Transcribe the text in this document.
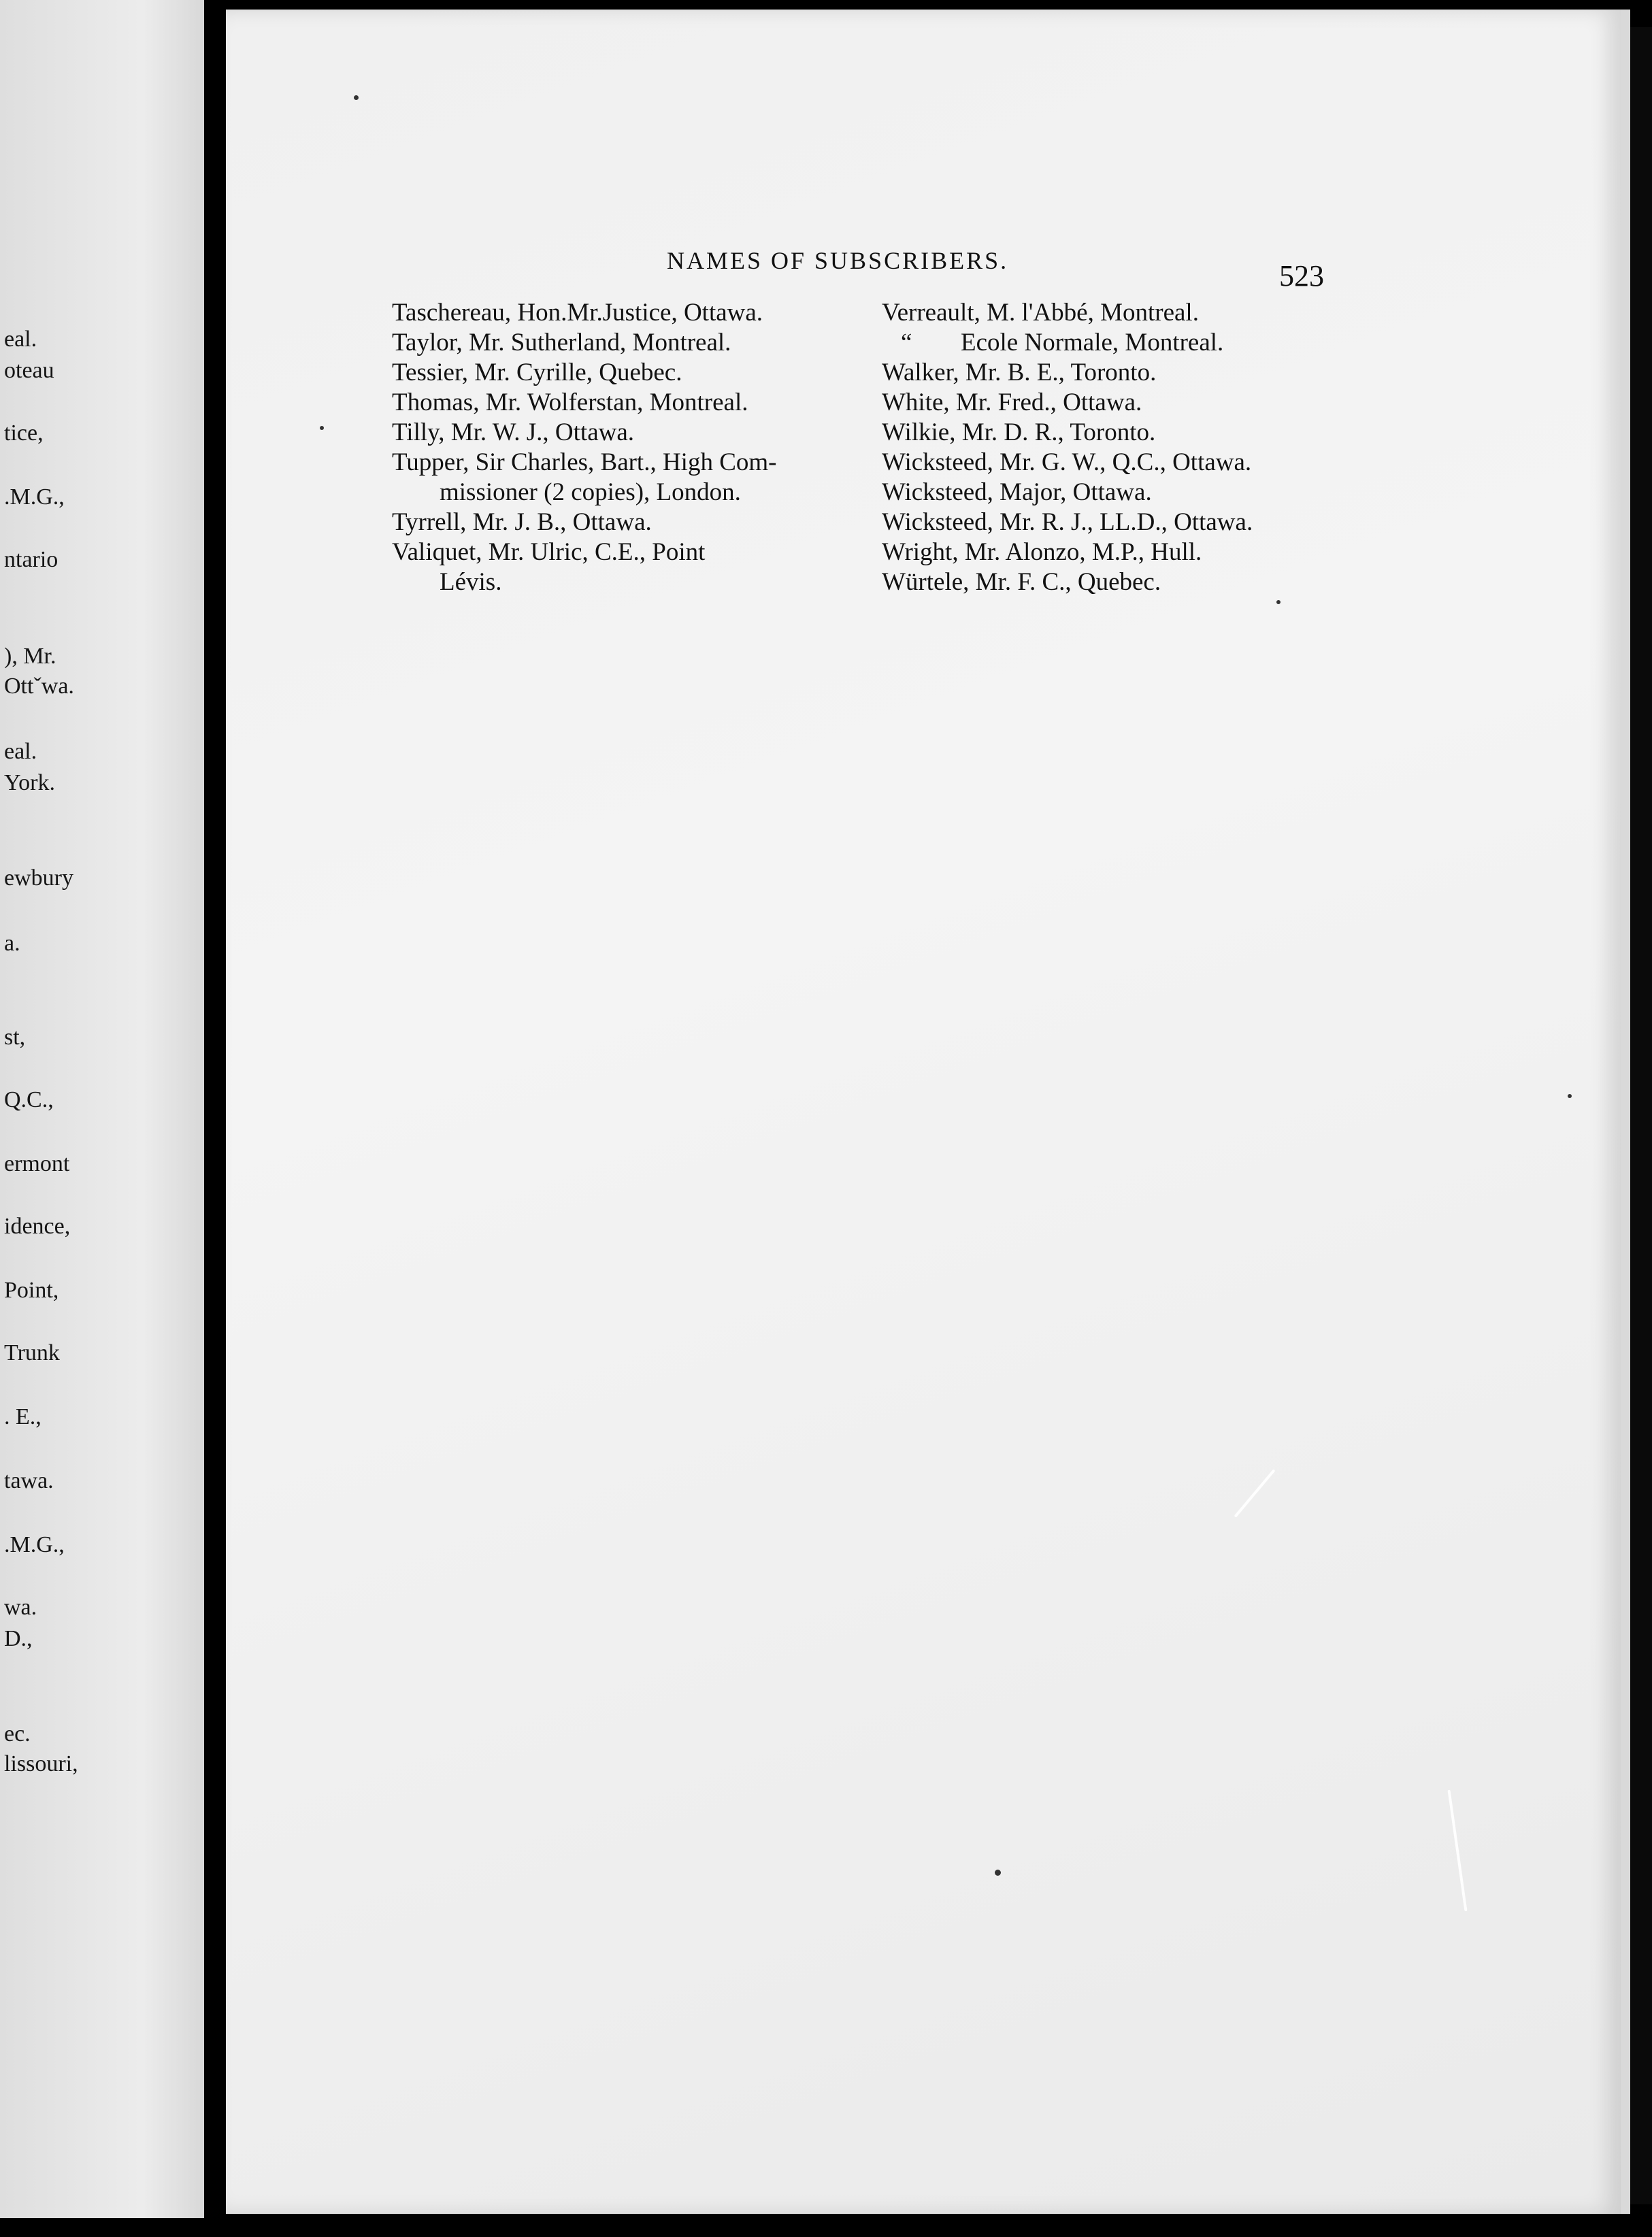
eal.
oteau
tice,
.M.G.,
ntario
), Mr.
Ottˇwa.
eal.
York.
ewbury
a.
st,
Q.C.,
ermont
idence,
Point,
Trunk
. E.,
tawa.
.M.G.,
wa.
D.,
ec.
lissouri,
NAMES OF SUBSCRIBERS.	523
Taschereau, Hon.Mr.Justice, Ottawa.
Taylor, Mr. Sutherland, Montreal.
Tessier, Mr. Cyrille, Quebec.
Thomas, Mr. Wolferstan, Montreal.
Tilly, Mr. W. J., Ottawa.
Tupper, Sir Charles, Bart., High Com-
missioner (2 copies), London.
Tyrrell, Mr. J. B., Ottawa.
Valiquet, Mr. Ulric, C.E., Point
Lévis.
Verreault, M. l'Abbé, Montreal.
“ Ecole Normale, Montreal.
Walker, Mr. B. E., Toronto.
White, Mr. Fred., Ottawa.
Wilkie, Mr. D. R., Toronto.
Wicksteed, Mr. G. W., Q.C., Ottawa.
Wicksteed, Major, Ottawa.
Wicksteed, Mr. R. J., LL.D., Ottawa.
Wright, Mr. Alonzo, M.P., Hull.
Würtele, Mr. F. C., Quebec.
